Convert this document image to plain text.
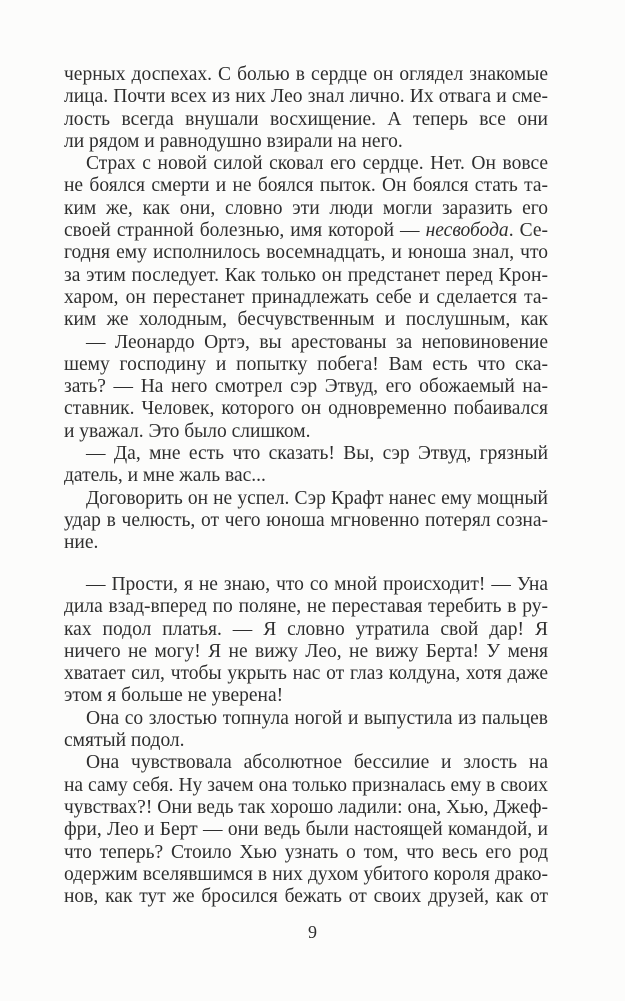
черных доспехах. С болью в сердце он оглядел знакомые
лица. Почти всех из них Лео знал лично. Их отвага и сме-
лость всегда внушали восхищение. А теперь все они
ли рядом и равнодушно взирали на него.
Страх с новой силой сковал его сердце. Нет. Он вовсе
не боялся смерти и не боялся пыток. Он боялся стать та-
ким же, как они, словно эти люди могли заразить его
своей странной болезнью, имя которой — несвобода. Се-
годня ему исполнилось восемнадцать, и юноша знал, что
за этим последует. Как только он предстанет перед Крон-
харом, он перестанет принадлежать себе и сделается та-
ким же холодным, бесчувственным и послушным, как
— Леонардо Ортэ, вы арестованы за неповиновение
шему господину и попытку побега! Вам есть что ска-
зать? — На него смотрел сэр Этвуд, его обожаемый на-
ставник. Человек, которого он одновременно побаивался
и уважал. Это было слишком.
— Да, мне есть что сказать! Вы, сэр Этвуд, грязный
датель, и мне жаль вас...
Договорить он не успел. Сэр Крафт нанес ему мощный
удар в челюсть, от чего юноша мгновенно потерял созна-
ние.
— Прости, я не знаю, что со мной происходит! — Уна
дила взад-вперед по поляне, не переставая теребить в ру-
ках подол платья. — Я словно утратила свой дар! Я
ничего не могу! Я не вижу Лео, не вижу Берта! У меня
хватает сил, чтобы укрыть нас от глаз колдуна, хотя даже
этом я больше не уверена!
Она со злостью топнула ногой и выпустила из пальцев
смятый подол.
Она чувствовала абсолютное бессилие и злость на
на саму себя. Ну зачем она только призналась ему в своих
чувствах?! Они ведь так хорошо ладили: она, Хью, Джеф-
фри, Лео и Берт — они ведь были настоящей командой, и
что теперь? Стоило Хью узнать о том, что весь его род
одержим вселявшимся в них духом убитого короля драко-
нов, как тут же бросился бежать от своих друзей, как от
9
